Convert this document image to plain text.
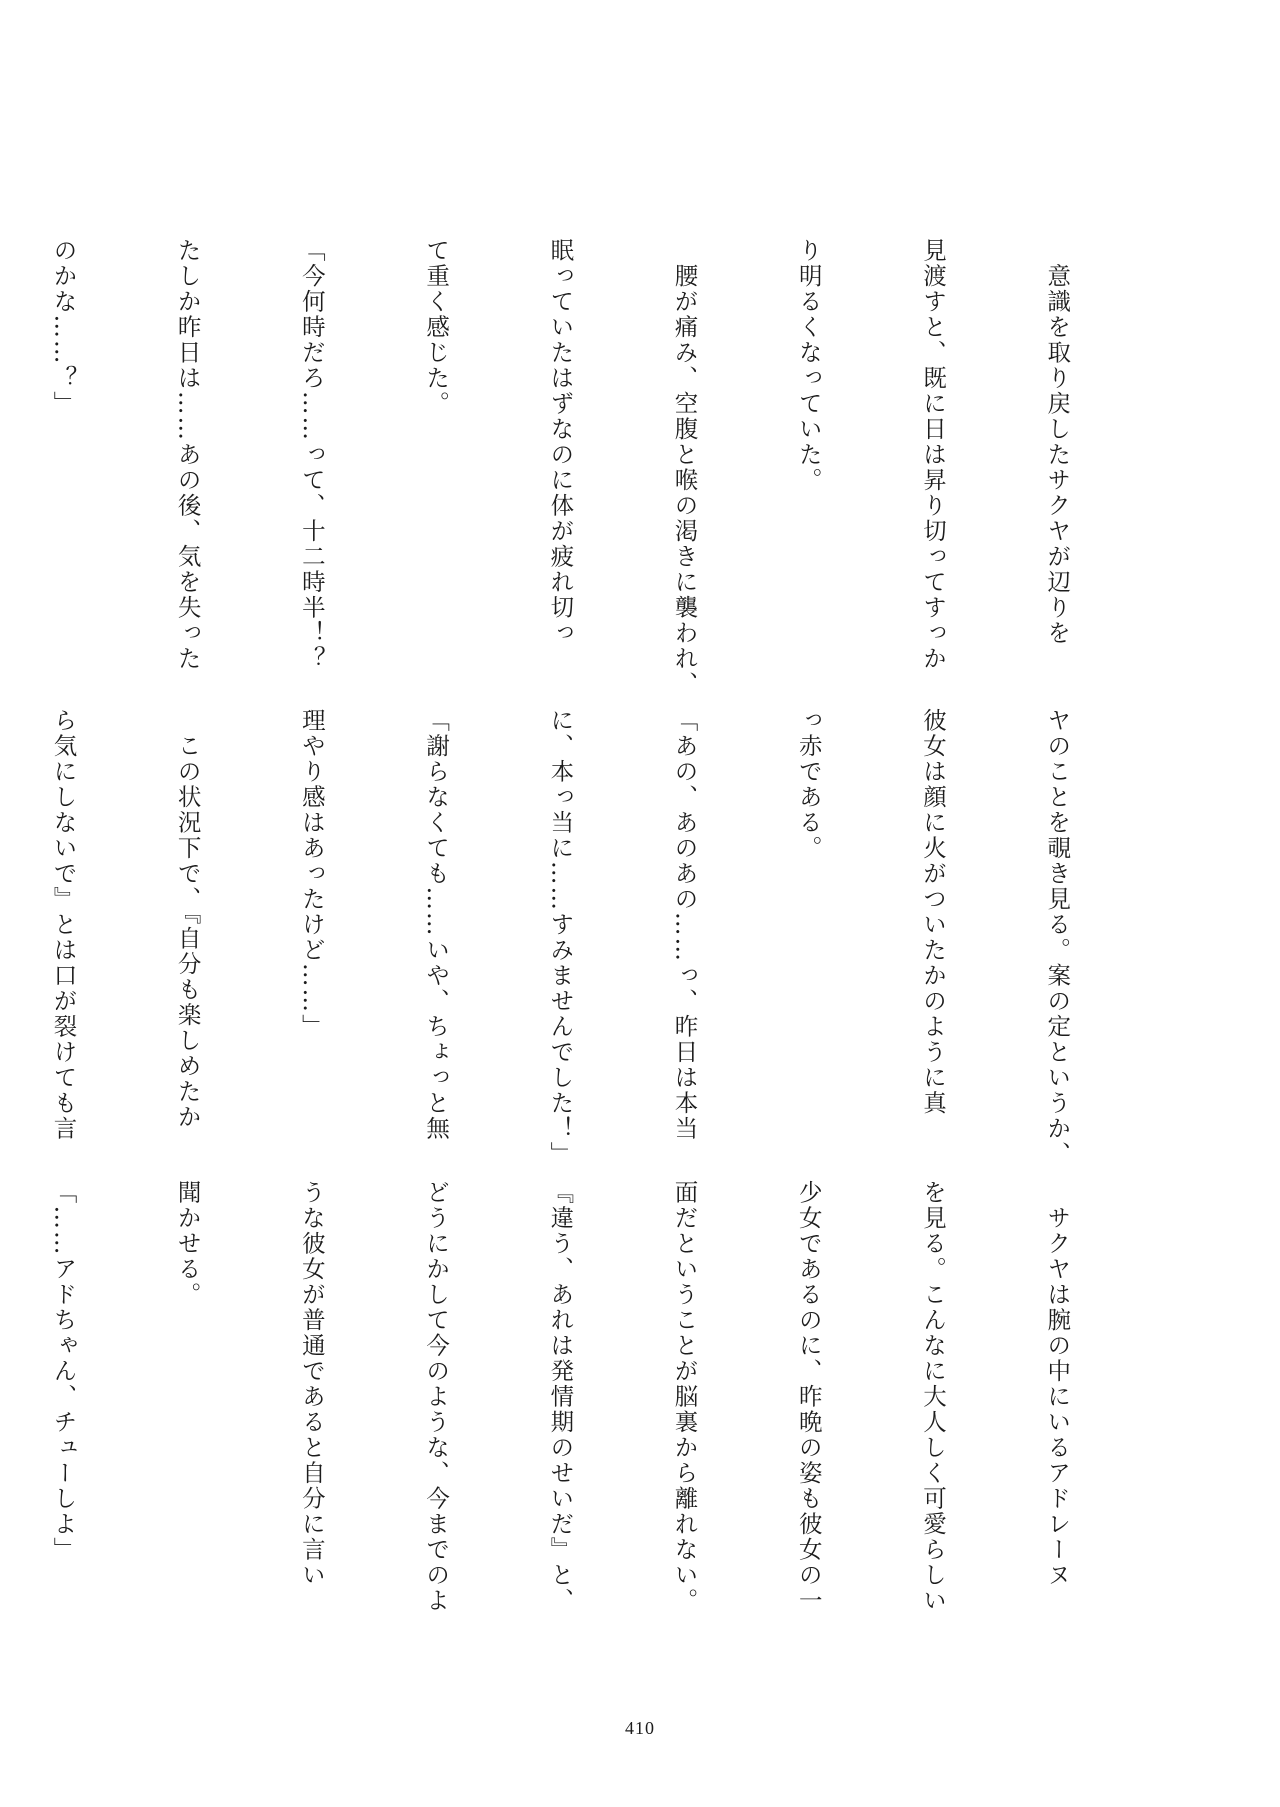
　意識を取り戻したサクヤが辺りを

見渡すと、既に日は昇り切ってすっか

り明るくなっていた。

　腰が痛み、空腹と喉の渇きに襲われ、

眠っていたはずなのに体が疲れ切っ

て重く感じた。

「今何時だろ……って、十二時半！？

たしか昨日は……あの後、気を失った

のかな……？」

ヤのことを覗き見る。案の定というか、

彼女は顔に火がついたかのように真

っ赤である。

「あの、あのあの……っ、昨日は本当

に、本っ当に……すみませんでした！」

「謝らなくても……いや、ちょっと無

理やり感はあったけど……」

　この状況下で、『自分も楽しめたか

ら気にしないで』とは口が裂けても言

　サクヤは腕の中にいるアドレーヌ

を見る。こんなに大人しく可愛らしい

少女であるのに、昨晩の姿も彼女の一

面だということが脳裏から離れない。

『違う、あれは発情期のせいだ』と、

どうにかして今のような、今までのよ

うな彼女が普通であると自分に言い

聞かせる。

「……アドちゃん、チューしよ」

410
